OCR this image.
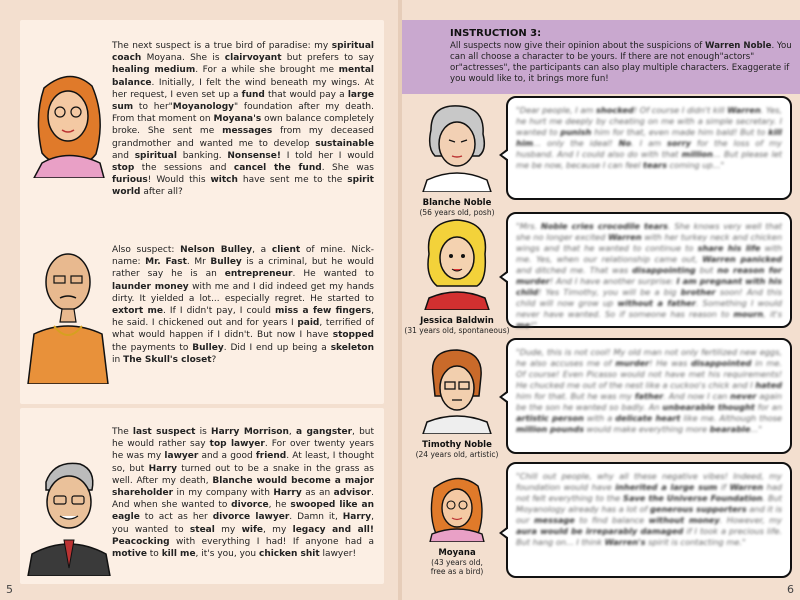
The next suspect is a true bird of paradise: my spiritual coach Moyana. She is clairvoyant but prefers to say healing medium. For a while she brought me mental balance. Initially, I felt the wind beneath my wings. At her request, I even set up a fund that would pay a large sum to her"Moyanology" foundation after my death. From that moment on Moyana's own balance completely broke. She sent me messages from my deceased grandmother and wanted me to develop sustainable and spiritual banking. Nonsense! I told her I would stop the sessions and cancel the fund. She was furious! Would this witch have sent me to the spirit world after all?
Also suspect: Nelson Bulley, a client of mine. Nick-name: Mr. Fast. Mr Bulley is a criminal, but he would rather say he is an entrepreneur. He wanted to launder money with me and I did indeed get my hands dirty. It yielded a lot... especially regret. He started to extort me. If I didn't pay, I could miss a few fingers, he said. I chickened out and for years I paid, terrified of what would happen if I didn't. But now I have stopped the payments to Bulley. Did I end up being a skeleton in The Skull's closet?
The last suspect is Harry Morrison, a gangster, but he would rather say top lawyer. For over twenty years he was my lawyer and a good friend. At least, I thought so, but Harry turned out to be a snake in the grass as well. After my death, Blanche would become a major shareholder in my company with Harry as an advisor. And when she wanted to divorce, he swooped like an eagle to act as her divorce lawyer. Damn it, Harry, you wanted to steal my wife, my legacy and all! Peacocking with everything I had! If anyone had a motive to kill me, it's you, you chicken shit lawyer!
5
INSTRUCTION 3:
All suspects now give their opinion about the suspicions of Warren Noble. You can all choose a character to be yours. If there are not enough"actors" or"actresses", the participants can also play multiple characters. Exaggerate if you would like to, it brings more fun!
Blanche Noble
(56 years old, posh)
"Dear people, I am shocked! Of course I didn't kill Warren. Yes, he hurt me deeply by cheating on me with a simple secretary. I wanted to punish him for that, even made him bald! But to kill him... only the ideal! No. I am sorry for the loss of my husband. And I could also do with that million... But please let me be now, because I can feel tears coming up..."
Jessica Baldwin
(31 years old, spontaneous)
"Mrs. Noble cries crocodile tears. She knows very well that she no longer excited Warren with her turkey neck and chicken wings and that he wanted to continue to share his life with me. Yes, when our relationship came out, Warren panicked and ditched me. That was disappointing but no reason for murder! And I have another surprise: I am pregnant with his child! Yes Timothy, you will be a big brother soon! And this child will now grow up without a father. Something I would never have wanted. So if someone has reason to mourn, it's me!"
Timothy Noble
(24 years old, artistic)
"Dude, this is not cool! My old man not only fertilized new eggs, he also accuses me of murder! He was disappointed in me. Of course! Even Picasso would not have met his requirements! He chucked me out of the nest like a cuckoo's chick and I hated him for that. But he was my father. And now I can never again be the son he wanted so badly. An unbearable thought for an artistic person with a delicate heart like me. Although those million pounds would make everything more bearable..."
Moyana
(43 years old, free as a bird)
"Chill out people, why all these negative vibes! Indeed, my foundation would have inherited a large sum if Warren had not felt everything to the Save the Universe Foundation. But Moyanology already has a lot of generous supporters and it is our message to find balance without money. However, my aura would be irreparably damaged if I took a precious life. But hang on... I think Warren's spirit is contacting me."
6
